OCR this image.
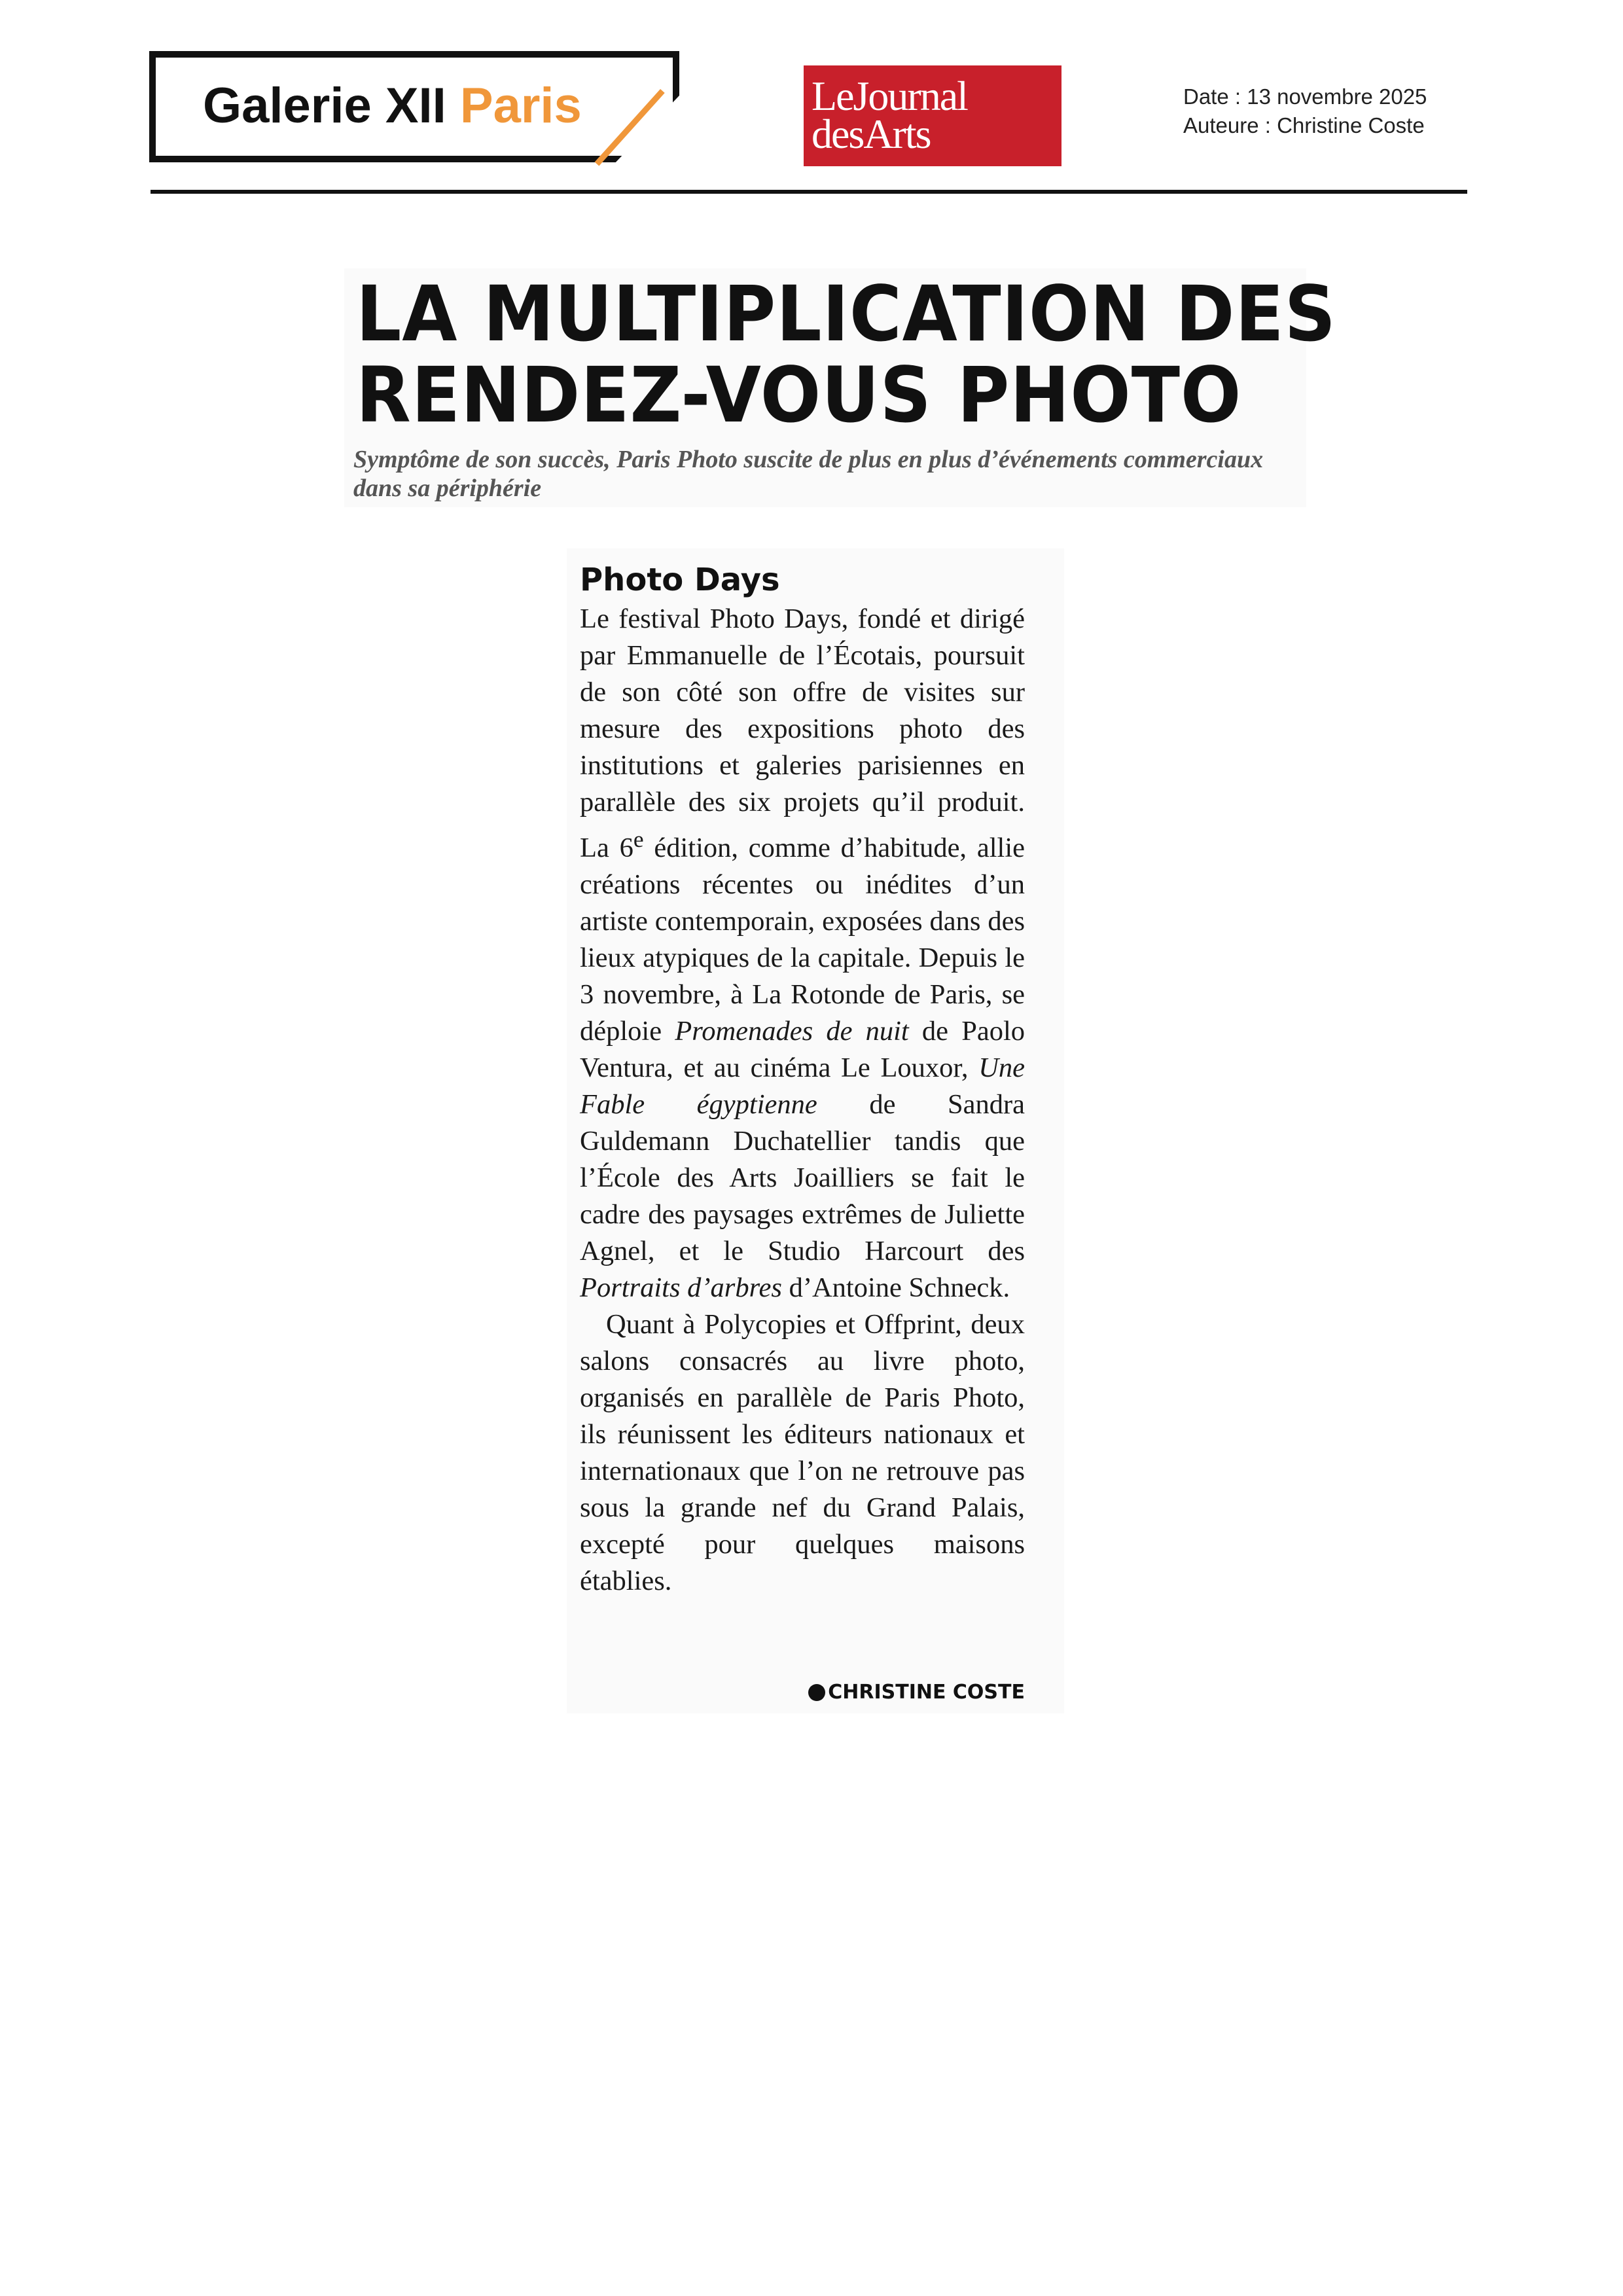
Galerie XII Paris	LeJournal
desArts
Date : 13 novembre 2025
Auteure : Christine Coste
LA MULTIPLICATION DES
RENDEZ-VOUS PHOTO
Symptôme de son succès, Paris Photo suscite de plus en plus d’événements commerciaux dans sa périphérie
Photo Days

Le festival Photo Days, fondé et dirigé par Emmanuelle de l’Écotais, poursuit de son côté son offre de visites sur mesure des expositions photo des institutions et galeries parisiennes en parallèle des six projets qu’il produit. La 6e édition, comme d’habitude, allie créations récentes ou inédites d’un artiste contemporain, exposées dans des lieux atypiques de la capitale. Depuis le 3 novembre, à La Rotonde de Paris, se déploie Promenades de nuit de Paolo Ventura, et au cinéma Le Louxor, Une Fable égyptienne de Sandra Guldemann Duchatellier tandis que l’École des Arts Joailliers se fait le cadre des paysages extrêmes de Juliette Agnel, et le Studio Harcourt des Portraits d’arbres d’Antoine Schneck.

Quant à Polycopies et Offprint, deux salons consacrés au livre photo, organisés en parallèle de Paris Photo, ils réunissent les éditeurs nationaux et internationaux que l’on ne retrouve pas sous la grande nef du Grand Palais, excepté pour quelques maisons établies.

CHRISTINE COSTE
